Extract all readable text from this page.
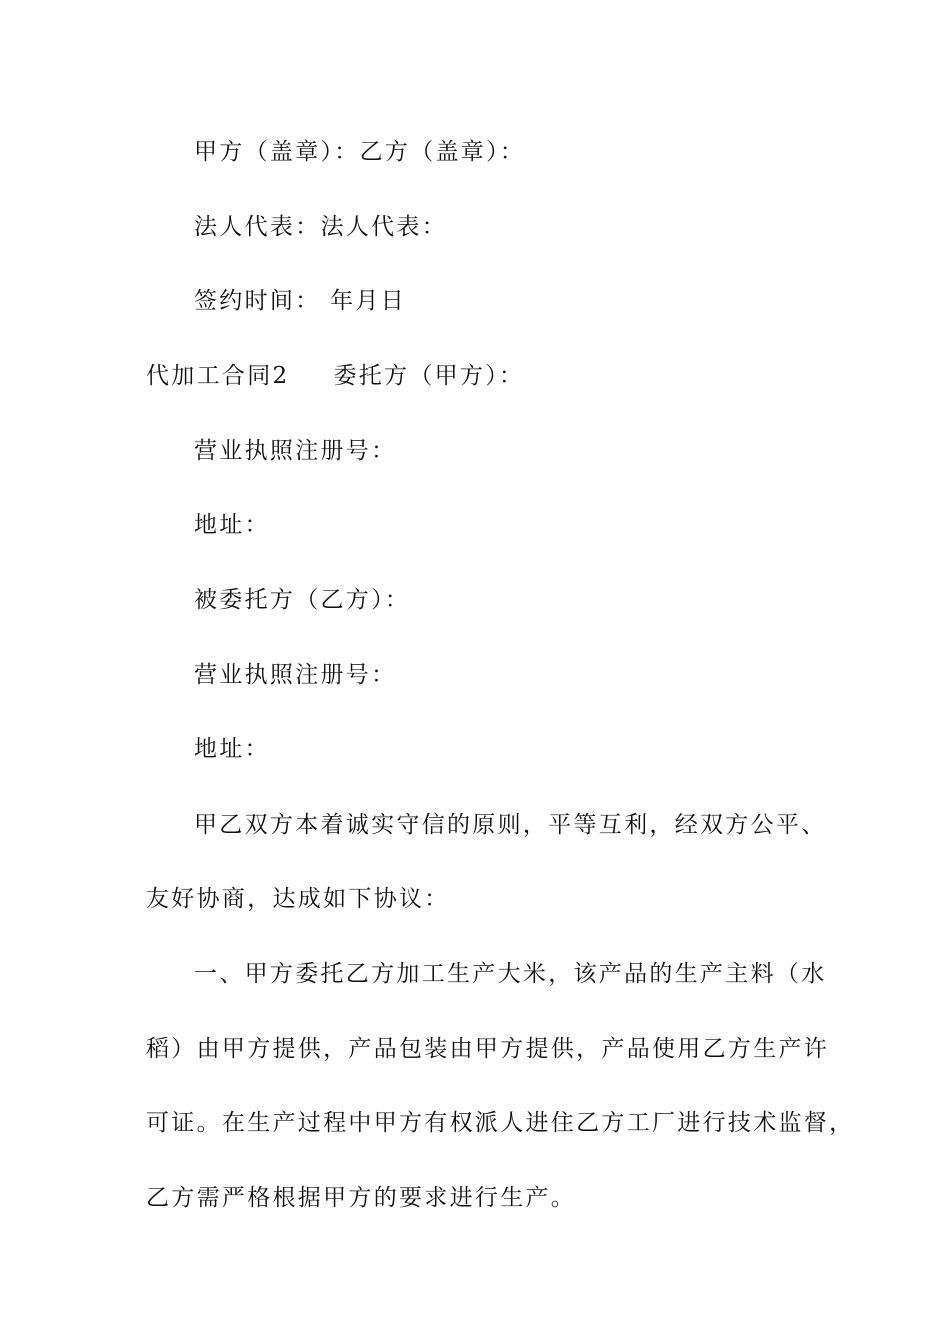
甲方（盖章）：乙方（盖章）：
法人代表：法人代表：
签约时间： 年月日
代加工合同2 委托方（甲方）：
营业执照注册号：
地址：
被委托方（乙方）：
营业执照注册号：
地址：
甲乙双方本着诚实守信的原则，平等互利，经双方公平、
友好协商，达成如下协议：
一、甲方委托乙方加工生产大米，该产品的生产主料（水
稻）由甲方提供，产品包装由甲方提供，产品使用乙方生产许
可证。在生产过程中甲方有权派人进住乙方工厂进行技术监督，
乙方需严格根据甲方的要求进行生产。
